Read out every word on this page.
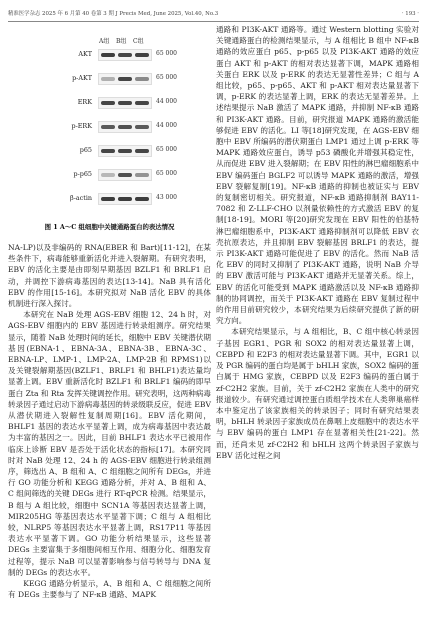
精准医学杂志 2025 年 6 月第 40 卷第 3 期 J Precis Med, June 2025, Vol.40, No.3	· 193 ·
A组 B组 C组
AKT	65 000
p-AKT	65 000
ERK	44 000
p-ERK	44 000
p65	65 000
p-p65	65 000
β-actin	43 000
图 1 A～C 组细胞中关键通路蛋白的表达情况

NA-LP)以及非编码的 RNA(EBER 和 Bart)[11-12]，在某些条件下，病毒能够重新活化并进入裂解期。有研究表明，EBV 的活化主要是由即刻早期基因 BZLF1 和 BRLF1 启动，并调控下游病毒基因的表达[13-14]。NaB 具有活化 EBV 的作用[15-16]。本研究拟对 NaB 活化 EBV 的具体机制进行深入探讨。

本研究在 NaB 处理 AGS-EBV 细胞 12、24 h 时，对 AGS-EBV 细胞内的 EBV 基因进行转录组测序。研究结果显示，随着 NaB 处理时间的延长，细胞中 EBV 关键潜伏期基因(EBNA-1、EBNA-3A、EBNA-3B、EBNA-3C、EBNA-LP、LMP-1、LMP-2A、LMP-2B 和 RPMS1)以及关键裂解期基因(BZLF1、BRLF1 和 BHLF1)表达量均显著上调。EBV 重新活化时 BZLF1 和 BRLF1 编码的即早蛋白 Zta 和 Rta 发挥关键调控作用。研究表明，这两种病毒转录因子通过启动下游病毒基因的转录级联反应，促进 EBV 从潜伏期进入裂解性复制周期[16]。EBV 活化期间，BHLF1 基因的表达水平显著上调，成为病毒基因中表达最为丰富的基因之一。因此，目前 BHLF1 表达水平已被用作临床上诊断 EBV 是否处于活化状态的指标[17]。本研究同时对 NaB 处理 12、24 h 的 AGS-EBV 细胞进行转录组测序，筛选出 A、B 组和 A、C 组细胞之间所有 DEGs，并进行 GO 功能分析和 KEGG 通路分析，并对 A、B 组和 A、C 组间筛选的关键 DEGs 进行 RT-qPCR 检测。结果显示，B 组与 A 组比较，细胞中 SCN1A 等基因表达显著上调，MIR205HG 等基因表达水平显著下调；C 组与 A 组相比较，NLRP5 等基因表达水平显著上调，RS17P11 等基因表达水平显著下调。GO 功能分析结果显示，这些显著 DEGs 主要富集于多细胞间相互作用、细胞分化、细胞发育过程等，提示 NaB 可以显著影响参与信号转导与 DNA 复制的 DEGs 的表达水平。

KEGG 通路分析显示，A、B 组和 A、C 组细胞之间所有 DEGs 主要参与了 NF-κB 通路、MAPK

通路和 PI3K-AKT 通路等。通过 Western blotting 实验对关键通路蛋白的检测结果显示，与 A 组相比 B 组中 NF-κB 通路的效应蛋白 p65、p-p65 以及 PI3K-AKT 通路的效应蛋白 AKT 和 p-AKT 的相对表达显著下调，MAPK 通路相关蛋白 ERK 以及 p-ERK 的表达无显著性差异；C 组与 A 组比较，p65、p-p65、AKT 和 p-AKT 相对表达量显著下调，p-ERK 的表达显著上调，ERK 的表达无显著差异。上述结果提示 NaB 激活了 MAPK 通路，并抑制 NF-κB 通路和 PI3K-AKT 通路。目前，研究报道 MAPK 通路的激活能够促进 EBV 的活化。LI 等[18]研究发现，在 AGS-EBV 细胞中 EBV 所编码的潜伏期蛋白 LMP1 通过上调 p-ERK 等 MAPK 通路效应蛋白，诱导 p53 磷酸化并增强其稳定性，从而促进 EBV 进入裂解期；在 EBV 阳性的淋巴瘤细胞系中 EBV 编码蛋白 BGLF2 可以诱导 MAPK 通路的激活，增强 EBV 裂解复制[19]。NF-κB 通路的抑制也被证实与 EBV 的复制密切相关。研究报道，NF-κB 通路抑制剂 BAY11-7082 和 Z-LLF-CHO 以剂量依赖性的方式激活 EBV 的复制[18-19]。MORI 等[20]研究发现在 EBV 阳性的伯基特淋巴瘤细胞系中，PI3K-AKT 通路抑制剂可以降低 EBV 衣壳抗原表达，并且抑制 EBV 裂解基因 BRLF1 的表达，提示 PI3K-AKT 通路可能促进了 EBV 的活化。然而 NaB 活化 EBV 的同时又抑制了 PI3K-AKT 通路，说明 NaB 介导的 EBV 激活可能与 PI3K-AKT 通路并无显著关系。综上，EBV 的活化可能受到 MAPK 通路激活以及 NF-κB 通路抑制的协同调控，而关于 PI3K-AKT 通路在 EBV 复制过程中的作用目前研究较少，本研究结果为后续研究提供了新的研究方向。

本研究结果显示，与 A 组相比，B、C 组中核心转录因子基因 EGR1、PGR 和 SOX2 的相对表达量显著上调，CEBPD 和 E2F3 的相对表达量显著下调。其中，EGR1 以及 PGR 编码的蛋白均是属于 bHLH 家族，SOX2 编码的蛋白属于 HMG 家族，CEBPD 以及 E2F3 编码的蛋白属于 zf-C2H2 家族。目前，关于 zf-C2H2 家族在人类中的研究报道较少。有研究通过调控蛋白质组学技术在人类卵巢癌样本中鉴定出了该家族相关的转录因子；同时有研究结果表明，bHLH 转录因子家族成员在鼻咽上皮细胞中的表达水平与 EBV 编码的蛋白 LMP1 存在显著相关性[21-22]。然而，还尚未见 zf-C2H2 和 bHLH 这两个转录因子家族与 EBV 活化过程之间
